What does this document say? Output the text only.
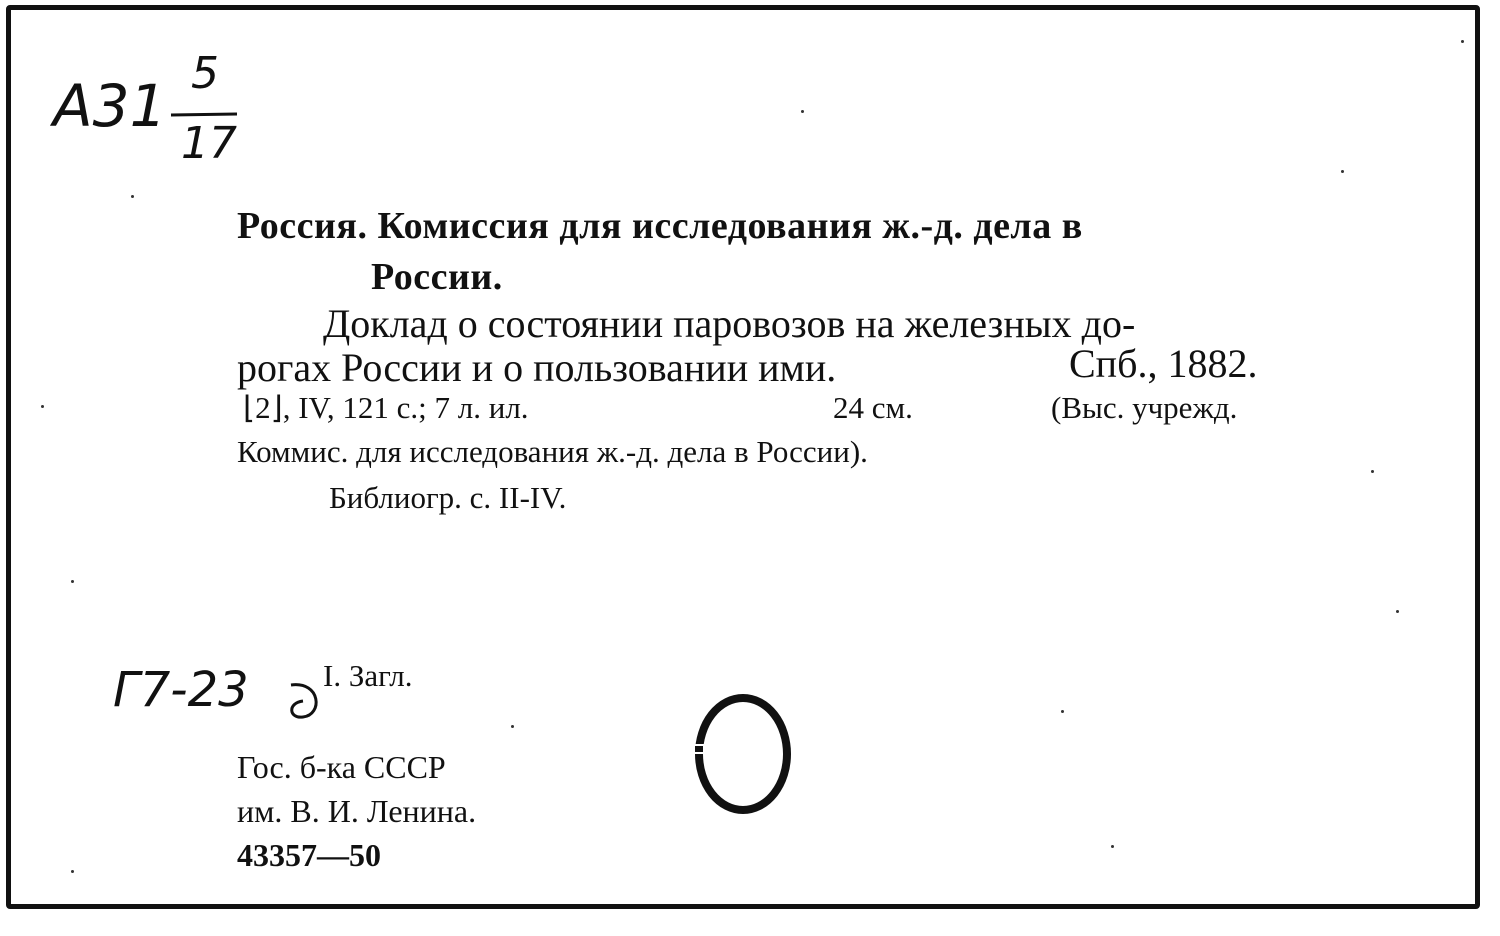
A31 5
17
Россия. Комиссия для исследования ж.-д. дела в
России.
Доклад о состоянии паровозов на железных до-
рогах России и о пользовании ими.	Спб., 1882.
⌊2⌋, IV, 121 с.; 7 л. ил.	24 см.	(Выс. учрежд.
Коммис. для исследования ж.-д. дела в России).
Библиогр. с. II-IV.
Г7-23 I. Загл.
Гос. б-ка СССР
им. В. И. Ленина.
43357—50
